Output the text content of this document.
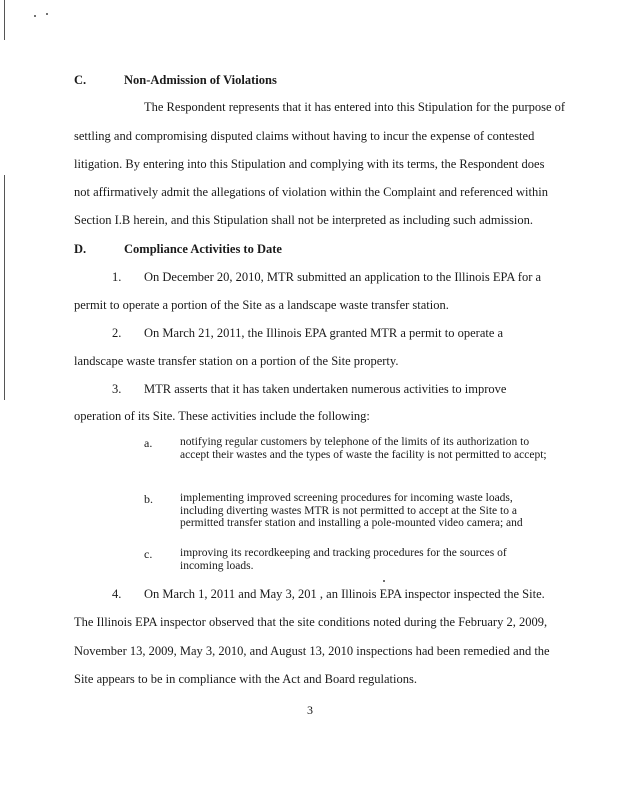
C.	Non-Admission of Violations
The Respondent represents that it has entered into this Stipulation for the purpose of
settling and compromising disputed claims without having to incur the expense of contested
litigation. By entering into this Stipulation and complying with its terms, the Respondent does
not affirmatively admit the allegations of violation within the Complaint and referenced within
Section I.B herein, and this Stipulation shall not be interpreted as including such admission.
D.	Compliance Activities to Date
1. On December 20, 2010, MTR submitted an application to the Illinois EPA for a
permit to operate a portion of the Site as a landscape waste transfer station.
2. On March 21, 2011, the Illinois EPA granted MTR a permit to operate a
landscape waste transfer station on a portion of the Site property.
3. MTR asserts that it has taken undertaken numerous activities to improve
operation of its Site. These activities include the following:
a. notifying regular customers by telephone of the limits of its authorization to accept their wastes and the types of waste the facility is not permitted to accept;
b. implementing improved screening procedures for incoming waste loads, including diverting wastes MTR is not permitted to accept at the Site to a permitted transfer station and installing a pole-mounted video camera; and
c. improving its recordkeeping and tracking procedures for the sources of incoming loads.
4. On March 1, 2011 and May 3, 201 , an Illinois EPA inspector inspected the Site.
The Illinois EPA inspector observed that the site conditions noted during the February 2, 2009,
November 13, 2009, May 3, 2010, and August 13, 2010 inspections had been remedied and the
Site appears to be in compliance with the Act and Board regulations.
3
